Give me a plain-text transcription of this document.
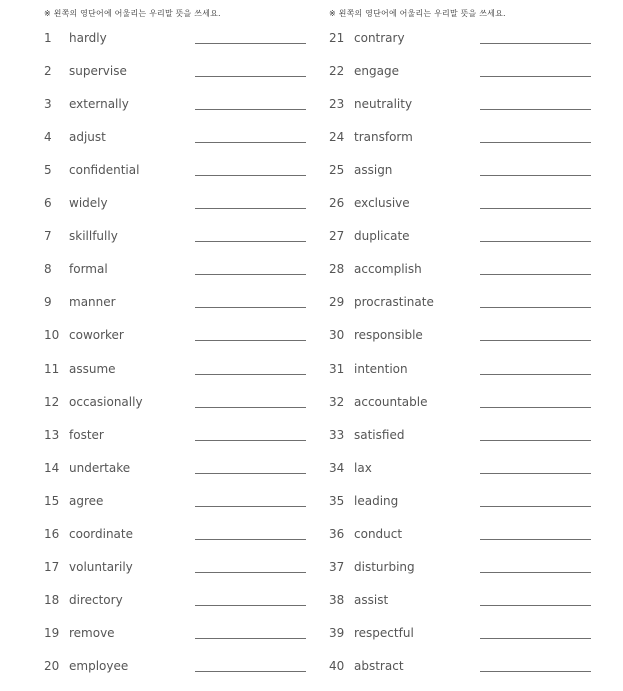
※ 왼쪽의 영단어에 어울리는 우리말 뜻을 쓰세요.
1 hardly
2 supervise
3 externally
4 adjust
5 confidential
6 widely
7 skillfully
8 formal
9 manner
10 coworker
11 assume
12 occasionally
13 foster
14 undertake
15 agree
16 coordinate
17 voluntarily
18 directory
19 remove
20 employee
※ 왼쪽의 영단어에 어울리는 우리말 뜻을 쓰세요.
21 contrary
22 engage
23 neutrality
24 transform
25 assign
26 exclusive
27 duplicate
28 accomplish
29 procrastinate
30 responsible
31 intention
32 accountable
33 satisfied
34 lax
35 leading
36 conduct
37 disturbing
38 assist
39 respectful
40 abstract
